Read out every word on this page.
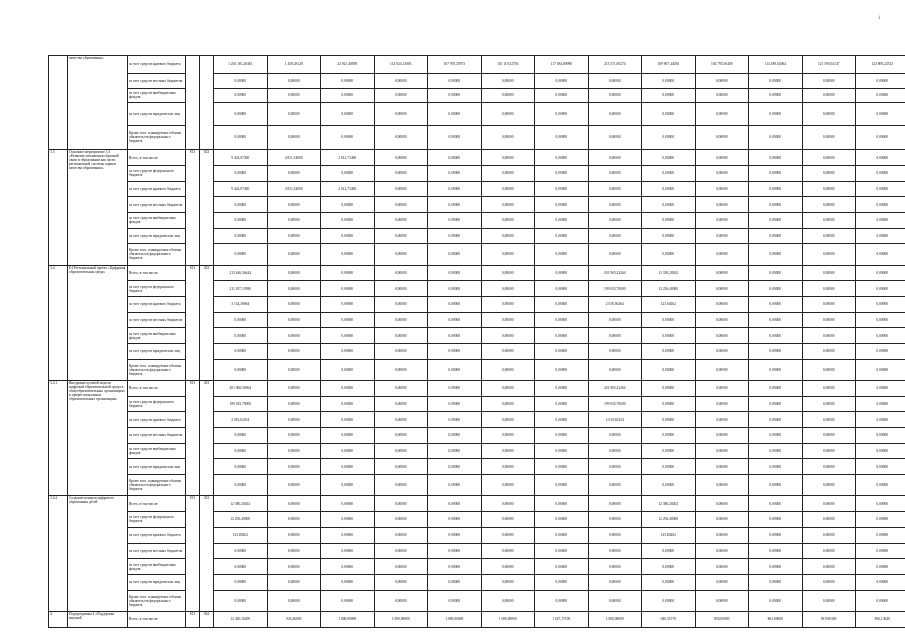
1
	качества образования»	за счет средств краевого бюджета			1 203 181,20461	1 458,28128	24 921,48598	114 924,13003	107 970,35973	110 119,52703	117 384,80998	213 571,00274	109 907,44030	104 795,56400	114 188,02064	121 590,54147	123 809,22523
		за счет средств местных бюджетов			0,00000	0,00000	0,00000	0,00000	0,00000	0,00000	0,00000	0,00000	0,00000	0,00000	0,00000	0,00000	0,00000
		за счет средств внебюджетных фондов			0,00000	0,00000	0,00000	0,00000	0,00000	0,00000	0,00000	0,00000	0,00000	0,00000	0,00000	0,00000	0,00000
		за счет средств юридических лиц			0,00000	0,00000	0,00000	0,00000	0,00000	0,00000	0,00000	0,00000	0,00000	0,00000	0,00000	0,00000	0,00000
		Кроме того, планируемые объемы обязательств федерального бюджета			0,00000	0,00000	0,00000	0,00000	0,00000	0,00000	0,00000	0,00000	0,00000	0,00000	0,00000	0,00000	0,00000
3.3	Основное мероприятие 3.3 «Развитие механизмов обратной связи в образовании как части региональной системы оценки качества образования»	Всего, в том числе:	813	023	9 424,07400	4 811,34000	2 612,73400	0,00000	0,00000	0,00000	0,00000	0,00000	0,00000	0,00000	0,00000	0,00000	0,00000
		за счет средств федерального бюджета			0,00000	0,00000	0,00000	0,00000	0,00000	0,00000	0,00000	0,00000	0,00000	0,00000	0,00000	0,00000	0,00000
		за счет средств краевого бюджета			9 424,07400	4 811,34000	2 612,73400	0,00000	0,00000	0,00000	0,00000	0,00000	0,00000	0,00000	0,00000	0,00000	0,00000
		за счет средств местных бюджетов			0,00000	0,00000	0,00000	0,00000	0,00000	0,00000	0,00000	0,00000	0,00000	0,00000	0,00000	0,00000	0,00000
		за счет средств внебюджетных фондов			0,00000	0,00000	0,00000	0,00000	0,00000	0,00000	0,00000	0,00000	0,00000	0,00000	0,00000	0,00000	0,00000
		за счет средств юридических лиц			0,00000	0,00000	0,00000	0,00000	0,00000	0,00000	0,00000	0,00000	0,00000	0,00000	0,00000	0,00000	0,00000
		Кроме того, планируемые объемы обязательств федерального бюджета			0,00000	0,00000	0,00000	0,00000	0,00000	0,00000	0,00000	0,00000	0,00000	0,00000	0,00000	0,00000	0,00000
3.4.	Е4 Региональный проект «Цифровая образовательная среда»	Всего, в том числе:	813	023	213 446,36444	0,00000	0,00000	0,00000	0,00000	0,00000	0,00000	201 965,23264	11 350,20262	0,00000	0,00000	0,00000	0,00000
		за счет средств федерального бюджета			211 297,19580	0,00000	0,00000	0,00000	0,00000	0,00000	0,00000	199 035,70000	12 256,40000	0,00000	0,00000	0,00000	0,00000
		за счет средств краевого бюджета			3 134,36864	0,00000	0,00000	0,00000	0,00000	0,00000	0,00000	2 018,56264	123,60262	0,00000	0,00000	0,00000	0,00000
		за счет средств местных бюджетов			0,00000	0,00000	0,00000	0,00000	0,00000	0,00000	0,00000	0,00000	0,00000	0,00000	0,00000	0,00000	0,00000
		за счет средств внебюджетных фондов			0,00000	0,00000	0,00000	0,00000	0,00000	0,00000	0,00000	0,00000	0,00000	0,00000	0,00000	0,00000	0,00000
		за счет средств юридических лиц			0,00000	0,00000	0,00000	0,00000	0,00000	0,00000	0,00000	0,00000	0,00000	0,00000	0,00000	0,00000	0,00000
		Кроме того, планируемые объемы обязательств федерального бюджета			0,00000	0,00000	0,00000	0,00000	0,00000	0,00000	0,00000	0,00000	0,00000	0,00000	0,00000	0,00000	0,00000
3.4.1	Внедрение целевой модели цифровой образовательной среды в общеобразовательных организациях и профессиональных образовательных организациях	Всего, в том числе:	813	023	201 966,56964	0,00000	0,00000	0,00000	0,00000	0,00000	0,00000	201 965,23264	0,00000	0,00000	0,00000	0,00000	0,00000
		за счет средств федерального бюджета			199 035,70000	0,00000	0,00000	0,00000	0,00000	0,00000	0,00000	199 035,70000	0,00000	0,00000	0,00000	0,00000	0,00000
		за счет средств краевого бюджета			2 010,63254	0,00000	0,00000	0,00000	0,00000	0,00000	0,00000	2 010,63254	0,00000	0,00000	0,00000	0,00000	0,00000
		за счет средств местных бюджетов			0,00000	0,00000	0,00000	0,00000	0,00000	0,00000	0,00000	0,00000	0,00000	0,00000	0,00000	0,00000	0,00000
		за счет средств внебюджетных фондов			0,00000	0,00000	0,00000	0,00000	0,00000	0,00000	0,00000	0,00000	0,00000	0,00000	0,00000	0,00000	0,00000
		за счет средств юридических лиц			0,00000	0,00000	0,00000	0,00000	0,00000	0,00000	0,00000	0,00000	0,00000	0,00000	0,00000	0,00000	0,00000
		Кроме того, планируемые объемы обязательств федерального бюджета			0,00000	0,00000	0,00000	0,00000	0,00000	0,00000	0,00000	0,00000	0,00000	0,00000	0,00000	0,00000	0,00000
3.4.2	Создание центров цифрового образования детей	Всего, в том числе:	813	023	12 380,20202	0,00000	0,00000	0,00000	0,00000	0,00000	0,00000	0,00000	12 380,20202	0,00000	0,00000	0,00000	0,00000
		за счет средств федерального бюджета			12 256,40000	0,00000	0,00000	0,00000	0,00000	0,00000	0,00000	0,00000	12 256,40000	0,00000	0,00000	0,00000	0,00000
		за счет средств краевого бюджета			123,80202	0,00000	0,00000	0,00000	0,00000	0,00000	0,00000	0,00000	123,80202	0,00000	0,00000	0,00000	0,00000
		за счет средств местных бюджетов			0,00000	0,00000	0,00000	0,00000	0,00000	0,00000	0,00000	0,00000	0,00000	0,00000	0,00000	0,00000	0,00000
		за счет средств внебюджетных фондов			0,00000	0,00000	0,00000	0,00000	0,00000	0,00000	0,00000	0,00000	0,00000	0,00000	0,00000	0,00000	0,00000
		за счет средств юридических лиц			0,00000	0,00000	0,00000	0,00000	0,00000	0,00000	0,00000	0,00000	0,00000	0,00000	0,00000	0,00000	0,00000
		Кроме того, планируемые объемы обязательств федерального бюджета			0,00000	0,00000	0,00000	0,00000	0,00000	0,00000	0,00000	0,00000	0,00000	0,00000	0,00000	0,00000	0,00000
4.	Подпрограмма 4 «Поддержка научной	Всего, в том числе:	813	024	12 430,16200	945,46000	1 000,00000	1 000,00000	1 000,00000	1 000,00000	1 027,17100	1 000,00000	946,31570	850,00000	863,00000	819,90300	856,13640
